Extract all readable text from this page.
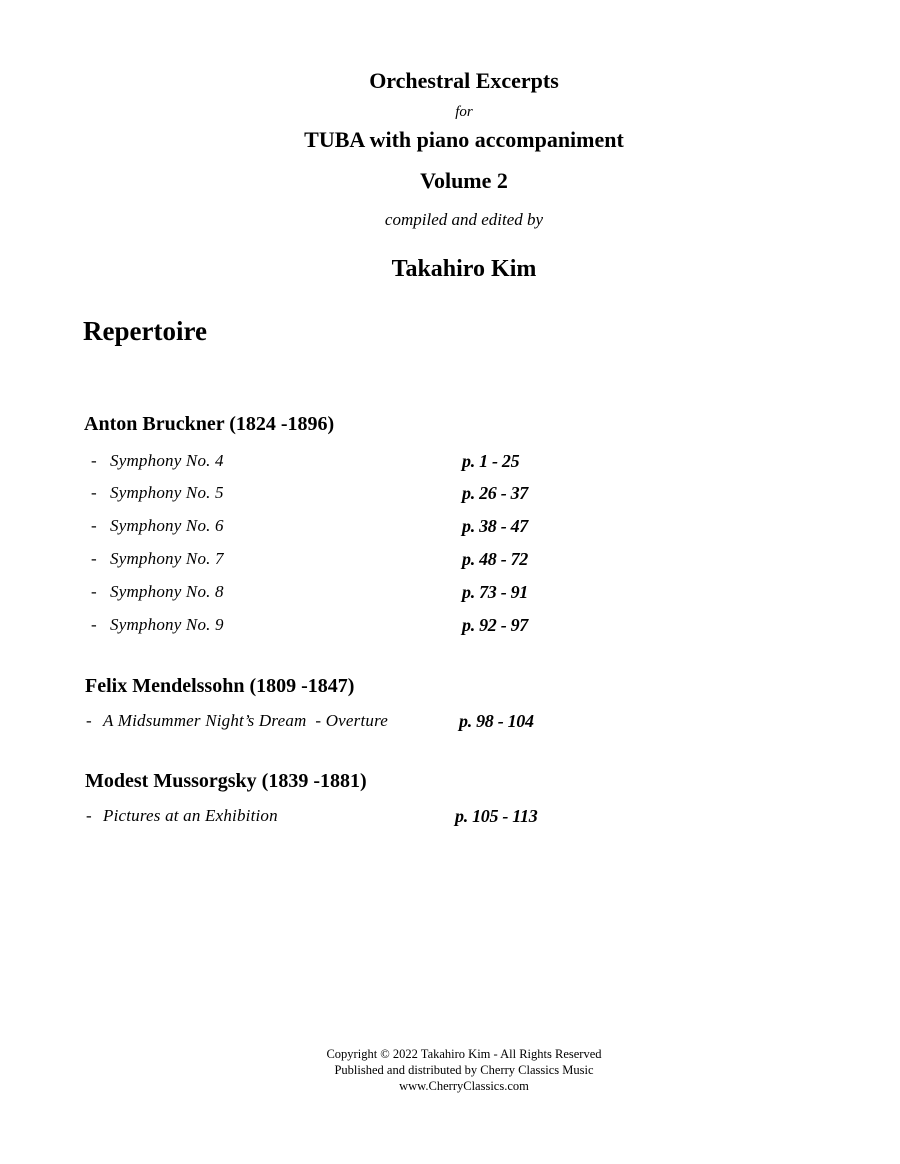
Orchestral Excerpts
for
TUBA with piano accompaniment
Volume 2
compiled and edited by
Takahiro Kim
Repertoire
Anton Bruckner (1824 -1896)
- Symphony No. 4	p. 1 - 25
- Symphony No. 5	p. 26 - 37
- Symphony No. 6	p. 38 - 47
- Symphony No. 7	p. 48 - 72
- Symphony No. 8	p. 73 - 91
- Symphony No. 9	p. 92 - 97
Felix Mendelssohn (1809 -1847)
- A Midsummer Night’s Dream  - Overture	p. 98 - 104
Modest Mussorgsky (1839 -1881)
- Pictures at an Exhibition	p. 105 - 113
Copyright © 2022 Takahiro Kim - All Rights Reserved
Published and distributed by Cherry Classics Music
www.CherryClassics.com
